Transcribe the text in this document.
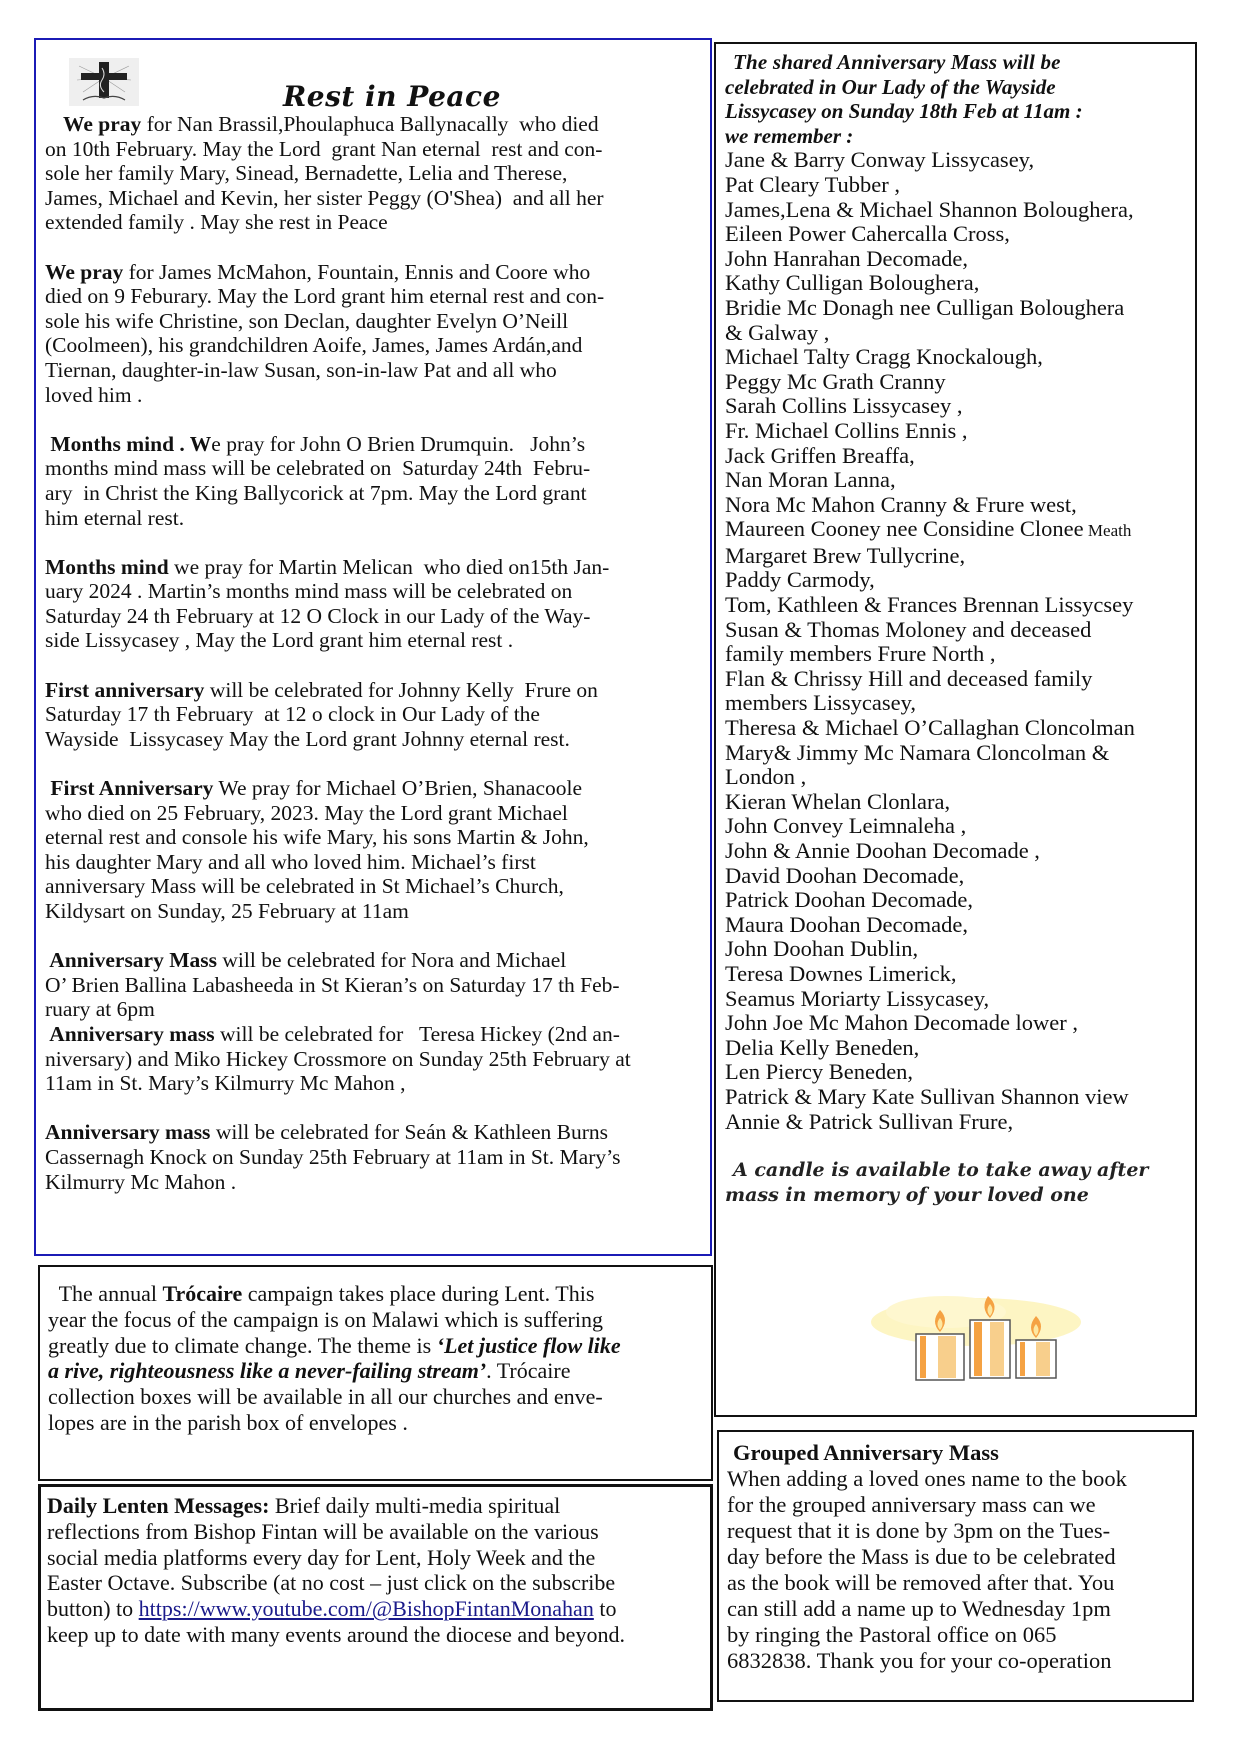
Rest in Peace

We pray for Nan Brassil,Phoulaphuca Ballynacally  who died

on 10th February. May the Lord  grant Nan eternal  rest and con-

sole her family Mary, Sinead, Bernadette, Lelia and Therese,

James, Michael and Kevin, her sister Peggy (O'Shea)  and all her

extended family . May she rest in Peace

We pray for James McMahon, Fountain, Ennis and Coore who

died on 9 Feburary. May the Lord grant him eternal rest and con-

sole his wife Christine, son Declan, daughter Evelyn O’Neill

(Coolmeen), his grandchildren Aoife, James, James Ardán,and

Tiernan, daughter-in-law Susan, son-in-law Pat and all who

loved him .

Months mind . We pray for John O Brien Drumquin.   John’s

months mind mass will be celebrated on  Saturday 24th  Febru-

ary  in Christ the King Ballycorick at 7pm. May the Lord grant

him eternal rest.

Months mind we pray for Martin Melican  who died on15th Jan-

uary 2024 . Martin’s months mind mass will be celebrated on

Saturday 24 th February at 12 O Clock in our Lady of the Way-

side Lissycasey , May the Lord grant him eternal rest .

First anniversary will be celebrated for Johnny Kelly  Frure on

Saturday 17 th February  at 12 o clock in Our Lady of the

Wayside  Lissycasey May the Lord grant Johnny eternal rest.

First Anniversary We pray for Michael O’Brien, Shanacoole

who died on 25 February, 2023. May the Lord grant Michael

eternal rest and console his wife Mary, his sons Martin & John,

his daughter Mary and all who loved him. Michael’s first

anniversary Mass will be celebrated in St Michael’s Church,

Kildysart on Sunday, 25 February at 11am

Anniversary Mass will be celebrated for Nora and Michael

O’ Brien Ballina Labasheeda in St Kieran’s on Saturday 17 th Feb-

ruary at 6pm

Anniversary mass will be celebrated for   Teresa Hickey (2nd an-

niversary) and Miko Hickey Crossmore on Sunday 25th February at

11am in St. Mary’s Kilmurry Mc Mahon ,

Anniversary mass will be celebrated for Seán & Kathleen Burns

Cassernagh Knock on Sunday 25th February at 11am in St. Mary’s

Kilmurry Mc Mahon .

The shared Anniversary Mass will be

celebrated in Our Lady of the Wayside

Lissycasey on Sunday 18th Feb at 11am :

we remember :

Jane & Barry Conway Lissycasey,

Pat Cleary Tubber ,

James,Lena & Michael Shannon Boloughera,

Eileen Power Cahercalla Cross,

John Hanrahan Decomade,

Kathy Culligan Boloughera,

Bridie Mc Donagh nee Culligan Boloughera

& Galway ,

Michael Talty Cragg Knockalough,

Peggy Mc Grath Cranny

Sarah Collins Lissycasey ,

Fr. Michael Collins Ennis ,

Jack Griffen Breaffa,

Nan Moran Lanna,

Nora Mc Mahon Cranny & Frure west,

Maureen Cooney nee Considine Clonee Meath

Margaret Brew Tullycrine,

Paddy Carmody,

Tom, Kathleen & Frances Brennan Lissycsey

Susan & Thomas Moloney and deceased

family members Frure North ,

Flan & Chrissy Hill and deceased family

members Lissycasey,

Theresa & Michael O’Callaghan Cloncolman

Mary& Jimmy Mc Namara Cloncolman &

London ,

Kieran Whelan Clonlara,

John Convey Leimnaleha ,

John & Annie Doohan Decomade ,

David Doohan Decomade,

Patrick Doohan Decomade,

Maura Doohan Decomade,

John Doohan Dublin,

Teresa Downes Limerick,

Seamus Moriarty Lissycasey,

John Joe Mc Mahon Decomade lower ,

Delia Kelly Beneden,

Len Piercy Beneden,

Patrick & Mary Kate Sullivan Shannon view

Annie & Patrick Sullivan Frure,

A candle is available to take away after
mass in memory of your loved one

The annual Trócaire campaign takes place during Lent. This

year the focus of the campaign is on Malawi which is suffering

greatly due to climate change. The theme is ‘Let justice flow like

a rive, righteousness like a never-failing stream’. Trócaire

collection boxes will be available in all our churches and enve-

lopes are in the parish box of envelopes .

Daily Lenten Messages: Brief daily multi-media spiritual

reflections from Bishop Fintan will be available on the various

social media platforms every day for Lent, Holy Week and the

Easter Octave. Subscribe (at no cost – just click on the subscribe

button) to https://www.youtube.com/@BishopFintanMonahan to

keep up to date with many events around the diocese and beyond.

Grouped Anniversary Mass

When adding a loved ones name to the book

for the grouped anniversary mass can we

request that it is done by 3pm on the Tues-

day before the Mass is due to be celebrated

as the book will be removed after that. You

can still add a name up to Wednesday 1pm

by ringing the Pastoral office on 065

6832838. Thank you for your co-operation
